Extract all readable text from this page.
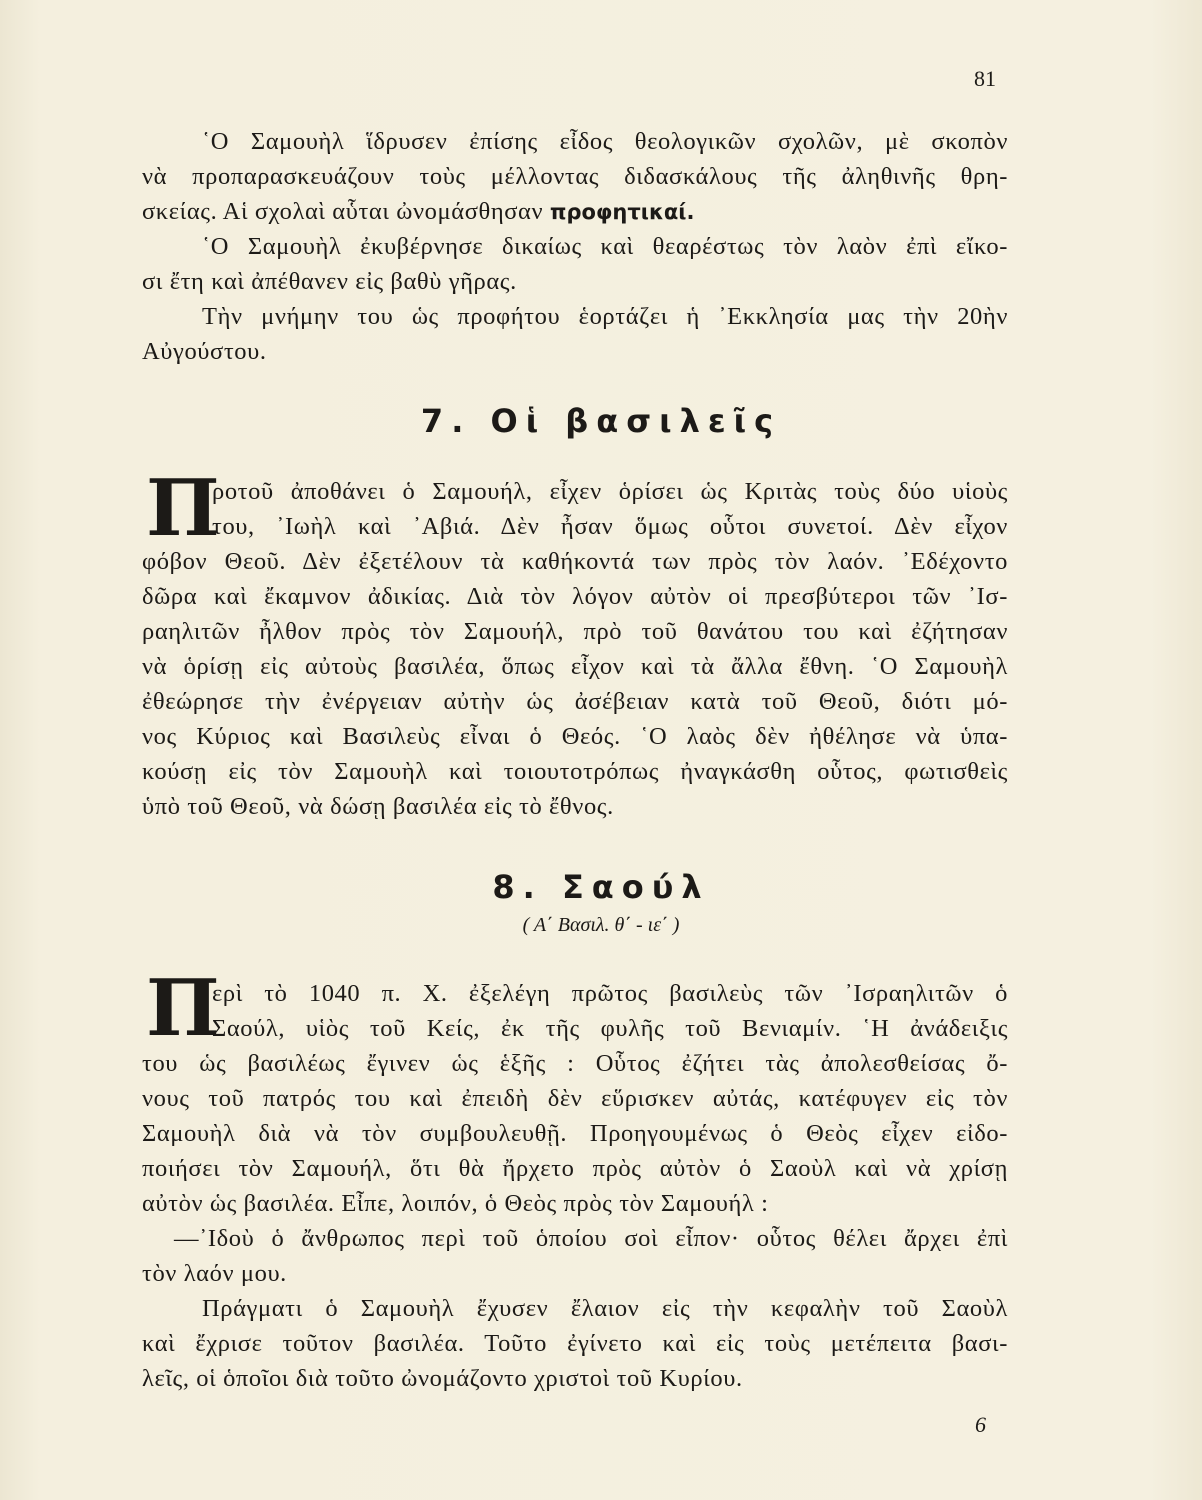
81
῾Ο Σαμουὴλ ἵδρυσεν ἐπίσης εἶδος θεολογικῶν σχολῶν, μὲ σκοπὸν
νὰ προπαρασκευάζουν τοὺς μέλλοντας διδασκάλους τῆς ἀληθινῆς θρη-
σκείας. Αἱ σχολαὶ αὗται ὠνομάσθησαν προφητικαί.
῾Ο Σαμουὴλ ἐκυβέρνησε δικαίως καὶ θεαρέστως τὸν λαὸν ἐπὶ εἴκο-
σι ἔτη καὶ ἀπέθανεν εἰς βαθὺ γῆρας.
Τὴν μνήμην του ὡς προφήτου ἑορτάζει ἡ ᾿Εκκλησία μας τὴν 20ὴν
Αὐγούστου.
7. Οἱ βασιλεῖς
Π
ροτοῦ ἀποθάνει ὁ Σαμουήλ, εἶχεν ὁρίσει ὡς Κριτὰς τοὺς δύο υἱοὺς
του, ᾿Ιωὴλ καὶ ᾿Αβιά. Δὲν ἦσαν ὅμως οὗτοι συνετοί. Δὲν εἶχον
φόβον Θεοῦ. Δὲν ἐξετέλουν τὰ καθήκοντά των πρὸς τὸν λαόν. ᾿Εδέχοντο
δῶρα καὶ ἔκαμνον ἀδικίας. Διὰ τὸν λόγον αὐτὸν οἱ πρεσβύτεροι τῶν ᾿Ισ-
ραηλιτῶν ἦλθον πρὸς τὸν Σαμουήλ, πρὸ τοῦ θανάτου του καὶ ἐζήτησαν
νὰ ὁρίσῃ εἰς αὐτοὺς βασιλέα, ὅπως εἶχον καὶ τὰ ἄλλα ἔθνη. ῾Ο Σαμουὴλ
ἐθεώρησε τὴν ἐνέργειαν αὐτὴν ὡς ἀσέβειαν κατὰ τοῦ Θεοῦ, διότι μό-
νος Κύριος καὶ Βασιλεὺς εἶναι ὁ Θεός. ῾Ο λαὸς δὲν ἠθέλησε νὰ ὑπα-
κούσῃ εἰς τὸν Σαμουὴλ καὶ τοιουτοτρόπως ἠναγκάσθη οὗτος, φωτισθεὶς
ὑπὸ τοῦ Θεοῦ, νὰ δώσῃ βασιλέα εἰς τὸ ἔθνος.
8. Σαούλ
( Α΄ Βασιλ. θ΄ - ιε΄ )
Π
ερὶ τὸ 1040 π. Χ. ἐξελέγη πρῶτος βασιλεὺς τῶν ᾿Ισραηλιτῶν ὁ
Σαούλ, υἱὸς τοῦ Κείς, ἐκ τῆς φυλῆς τοῦ Βενιαμίν. ῾Η ἀνάδειξις
του ὡς βασιλέως ἔγινεν ὡς ἑξῆς : Οὗτος ἐζήτει τὰς ἀπολεσθείσας ὄ-
νους τοῦ πατρός του καὶ ἐπειδὴ δὲν εὕρισκεν αὐτάς, κατέφυγεν εἰς τὸν
Σαμουὴλ διὰ νὰ τὸν συμβουλευθῇ. Προηγουμένως ὁ Θεὸς εἶχεν εἰδο-
ποιήσει τὸν Σαμουήλ, ὅτι θὰ ἤρχετο πρὸς αὐτὸν ὁ Σαοὺλ καὶ νὰ χρίσῃ
αὐτὸν ὡς βασιλέα. Εἶπε, λοιπόν, ὁ Θεὸς πρὸς τὸν Σαμουήλ :
—᾿Ιδοὺ ὁ ἄνθρωπος περὶ τοῦ ὁποίου σοὶ εἶπον· οὗτος θέλει ἄρχει ἐπὶ
τὸν λαόν μου.
Πράγματι ὁ Σαμουὴλ ἔχυσεν ἔλαιον εἰς τὴν κεφαλὴν τοῦ Σαοὺλ
καὶ ἔχρισε τοῦτον βασιλέα. Τοῦτο ἐγίνετο καὶ εἰς τοὺς μετέπειτα βασι-
λεῖς, οἱ ὁποῖοι διὰ τοῦτο ὠνομάζοντο χριστοὶ τοῦ Κυρίου.
6
